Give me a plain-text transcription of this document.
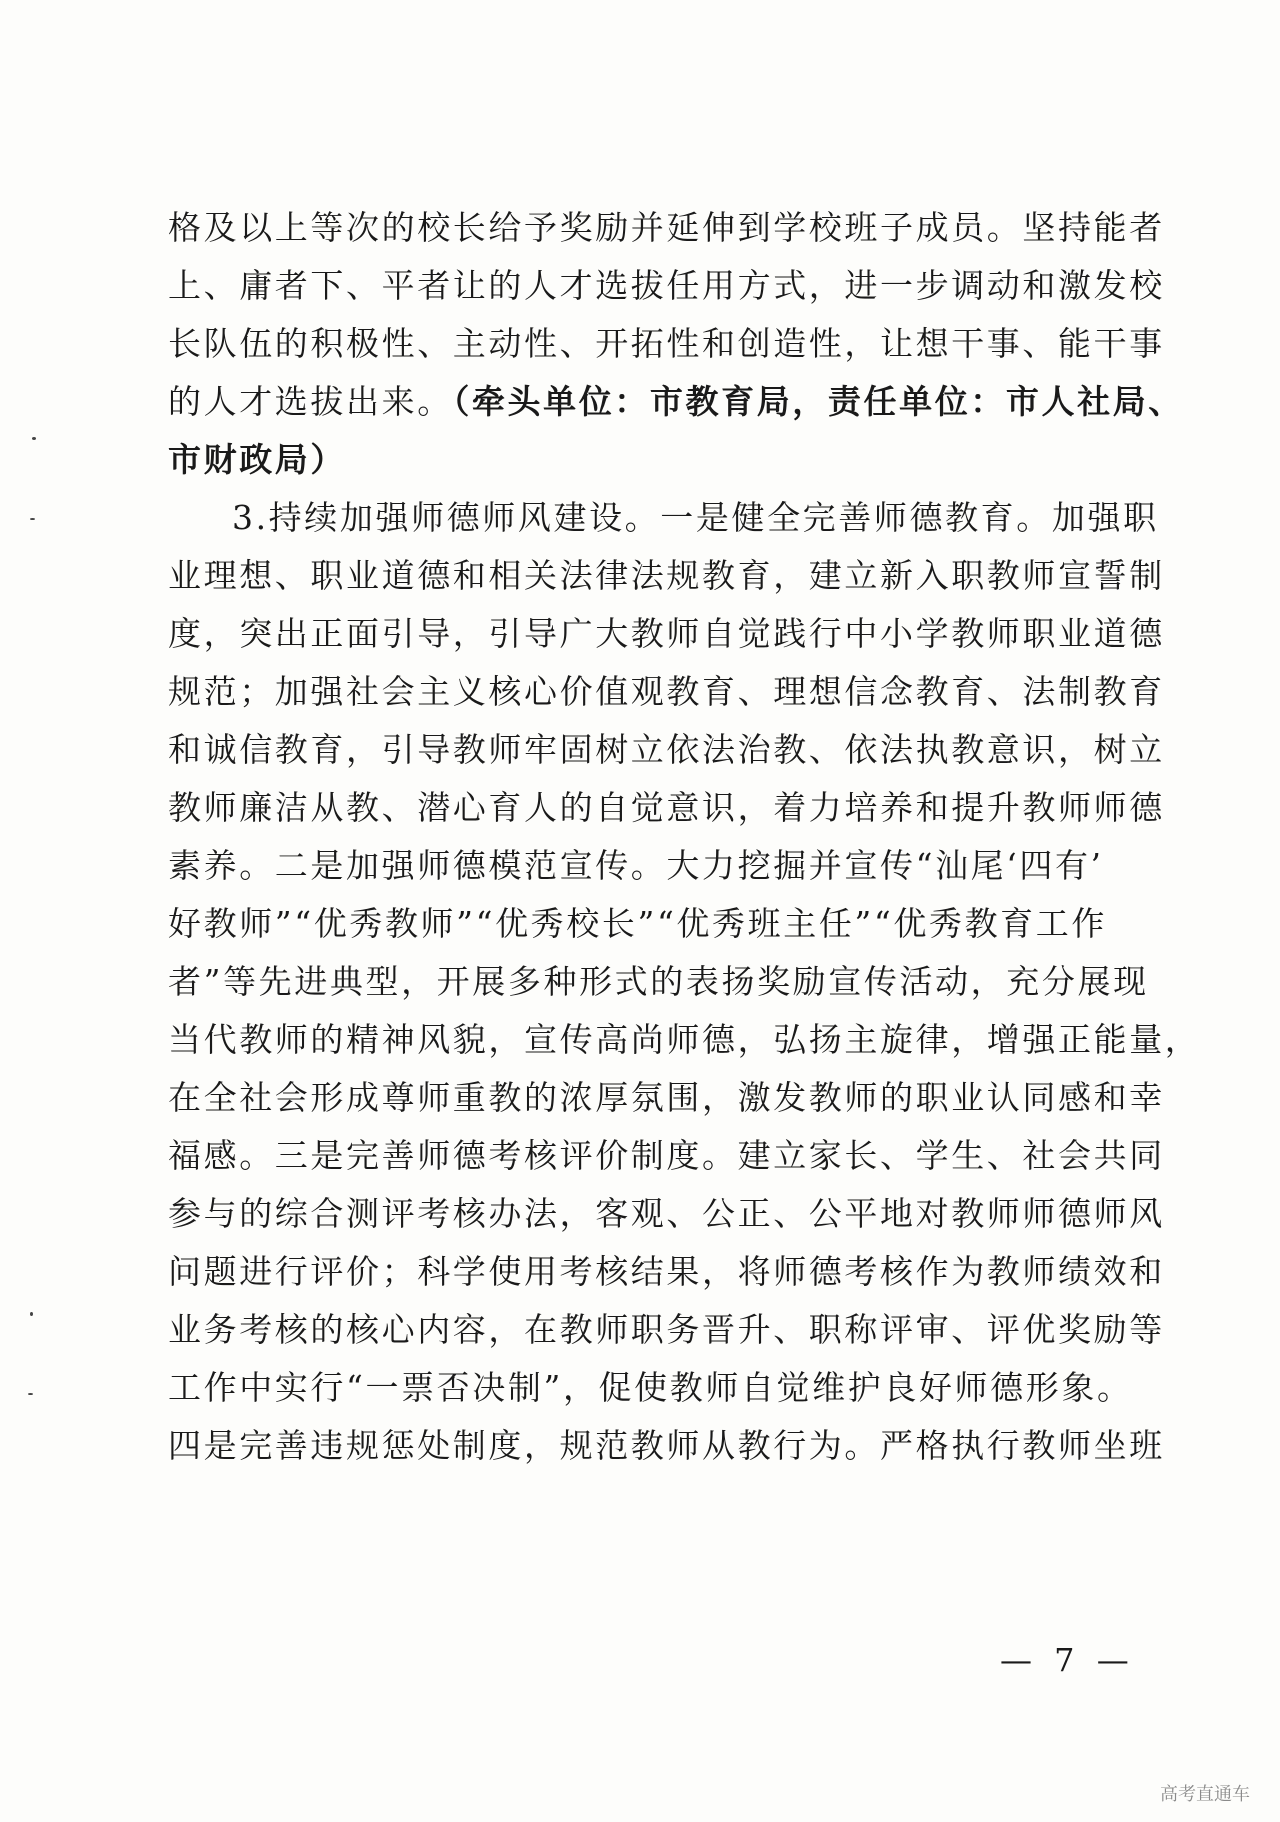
格及以上等次的校长给予奖励并延伸到学校班子成员。坚持能者
上、庸者下、平者让的人才选拔任用方式，进一步调动和激发校
长队伍的积极性、主动性、开拓性和创造性，让想干事、能干事
的人才选拔出来。（牵头单位：市教育局，责任单位：市人社局、
市财政局）
3.持续加强师德师风建设。一是健全完善师德教育。加强职
业理想、职业道德和相关法律法规教育，建立新入职教师宣誓制
度，突出正面引导，引导广大教师自觉践行中小学教师职业道德
规范；加强社会主义核心价值观教育、理想信念教育、法制教育
和诚信教育，引导教师牢固树立依法治教、依法执教意识，树立
教师廉洁从教、潜心育人的自觉意识，着力培养和提升教师师德
素养。二是加强师德模范宣传。大力挖掘并宣传“汕尾‘四有’
好教师”“优秀教师”“优秀校长”“优秀班主任”“优秀教育工作
者”等先进典型，开展多种形式的表扬奖励宣传活动，充分展现
当代教师的精神风貌，宣传高尚师德，弘扬主旋律，增强正能量，
在全社会形成尊师重教的浓厚氛围，激发教师的职业认同感和幸
福感。三是完善师德考核评价制度。建立家长、学生、社会共同
参与的综合测评考核办法，客观、公正、公平地对教师师德师风
问题进行评价；科学使用考核结果，将师德考核作为教师绩效和
业务考核的核心内容，在教师职务晋升、职称评审、评优奖励等
工作中实行“一票否决制”，促使教师自觉维护良好师德形象。
四是完善违规惩处制度，规范教师从教行为。严格执行教师坐班
— 7 —
高考直通车
